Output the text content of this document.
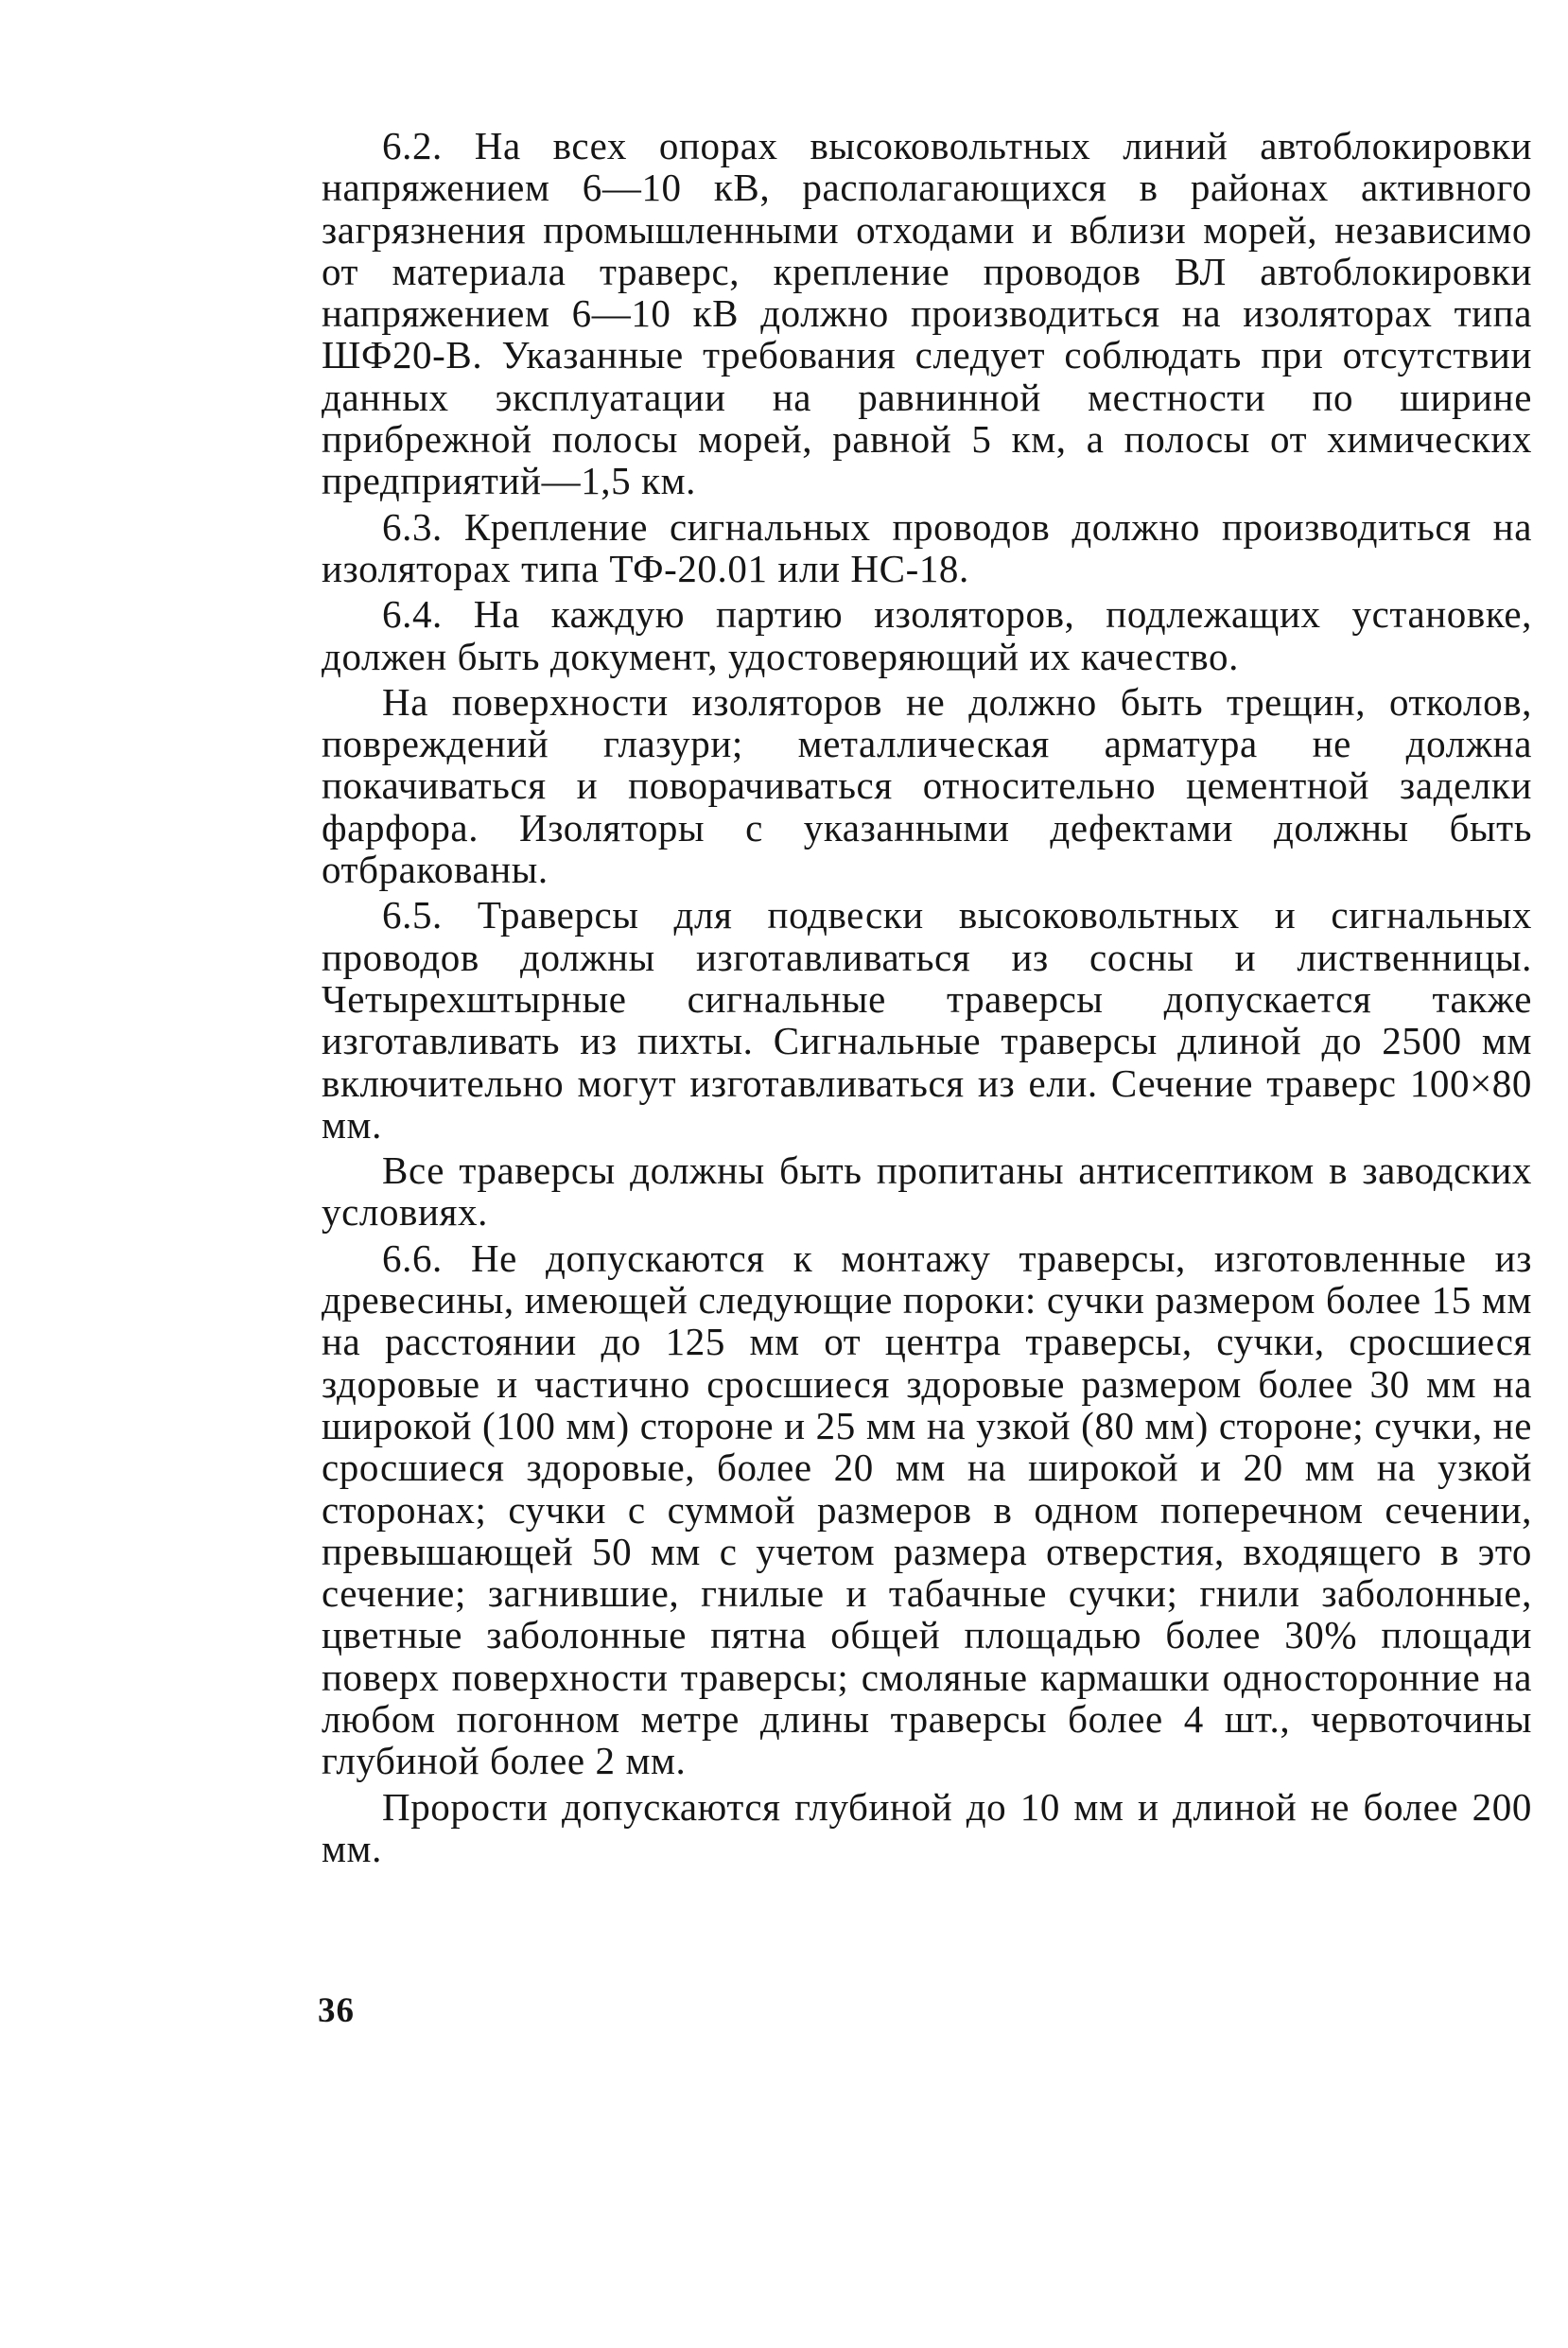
6.2. На всех опорах высоковольтных линий автоблокировки напряжением 6—10 кВ, располагающихся в районах активного загрязнения промышленными отходами и вблизи морей, независимо от материала траверс, крепление проводов ВЛ автоблокировки напряжением 6—10 кВ должно производиться на изоляторах типа ШФ20-В. Указанные требования следует соблюдать при отсутствии данных эксплуатации на равнинной местности по ширине прибрежной полосы морей, равной 5 км, а полосы от химических предприятий—1,5 км.

6.3. Крепление сигнальных проводов должно производиться на изоляторах типа ТФ-20.01 или НС-18.

6.4. На каждую партию изоляторов, подлежащих установке, должен быть документ, удостоверяющий их качество.

На поверхности изоляторов не должно быть трещин, отколов, повреждений глазури; металлическая арматура не должна покачиваться и поворачиваться относительно цементной заделки фарфора. Изоляторы с указанными дефектами должны быть отбракованы.

6.5. Траверсы для подвески высоковольтных и сигнальных проводов должны изготавливаться из сосны и лиственницы. Четырехштырные сигнальные траверсы допускается также изготавливать из пихты. Сигнальные траверсы длиной до 2500 мм включительно могут изготавливаться из ели. Сечение траверс 100×80 мм.

Все траверсы должны быть пропитаны антисептиком в заводских условиях.

6.6. Не допускаются к монтажу траверсы, изготовленные из древесины, имеющей следующие пороки: сучки размером более 15 мм на расстоянии до 125 мм от центра траверсы, сучки, сросшиеся здоровые и частично сросшиеся здоровые размером более 30 мм на широкой (100 мм) стороне и 25 мм на узкой (80 мм) стороне; сучки, не сросшиеся здоровые, более 20 мм на широкой и 20 мм на узкой сторонах; сучки с суммой размеров в одном поперечном сечении, превышающей 50 мм с учетом размера отверстия, входящего в это сечение; загнившие, гнилые и табачные сучки; гнили заболонные, цветные заболонные пятна общей площадью более 30% площади поверх поверхности траверсы; смоляные кармашки односторонние на любом погонном метре длины траверсы более 4 шт., червоточины глубиной более 2 мм.

Прорости допускаются глубиной до 10 мм и длиной не более 200 мм.

36
